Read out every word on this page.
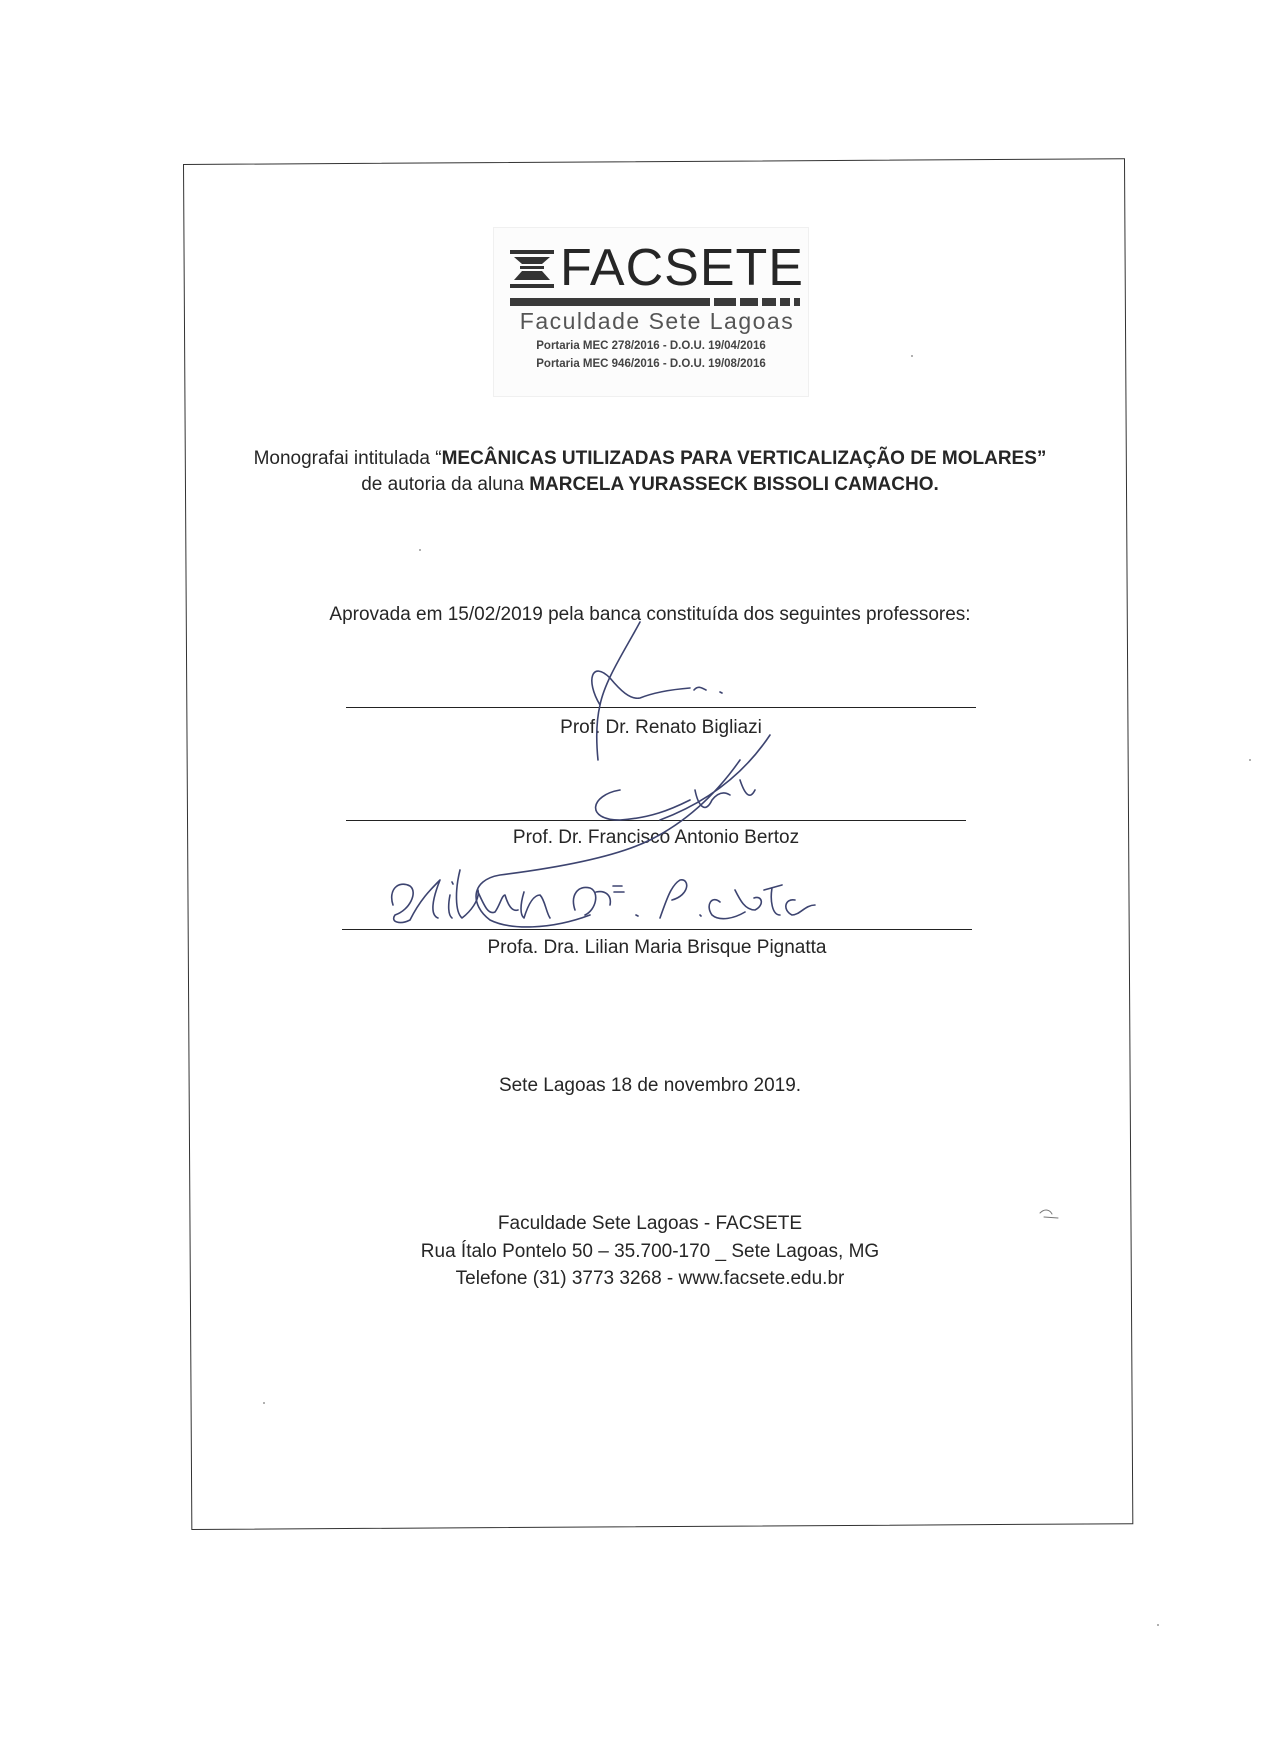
FACSETE
Faculdade Sete Lagoas
Portaria MEC 278/2016 - D.O.U. 19/04/2016
Portaria MEC 946/2016 - D.O.U. 19/08/2016
Monografai intitulada “MECÂNICAS UTILIZADAS PARA VERTICALIZAÇÃO DE MOLARES”
de autoria da aluna MARCELA YURASSECK BISSOLI CAMACHO.
Aprovada em 15/02/2019 pela banca constituída dos seguintes professores:
Prof. Dr. Renato Bigliazi
Prof. Dr. Francisco Antonio Bertoz
Profa. Dra. Lilian Maria Brisque Pignatta
Sete Lagoas 18 de novembro 2019.
Faculdade Sete Lagoas - FACSETE
Rua Ítalo Pontelo 50 – 35.700-170 _ Sete Lagoas, MG
Telefone (31) 3773 3268 - www.facsete.edu.br
